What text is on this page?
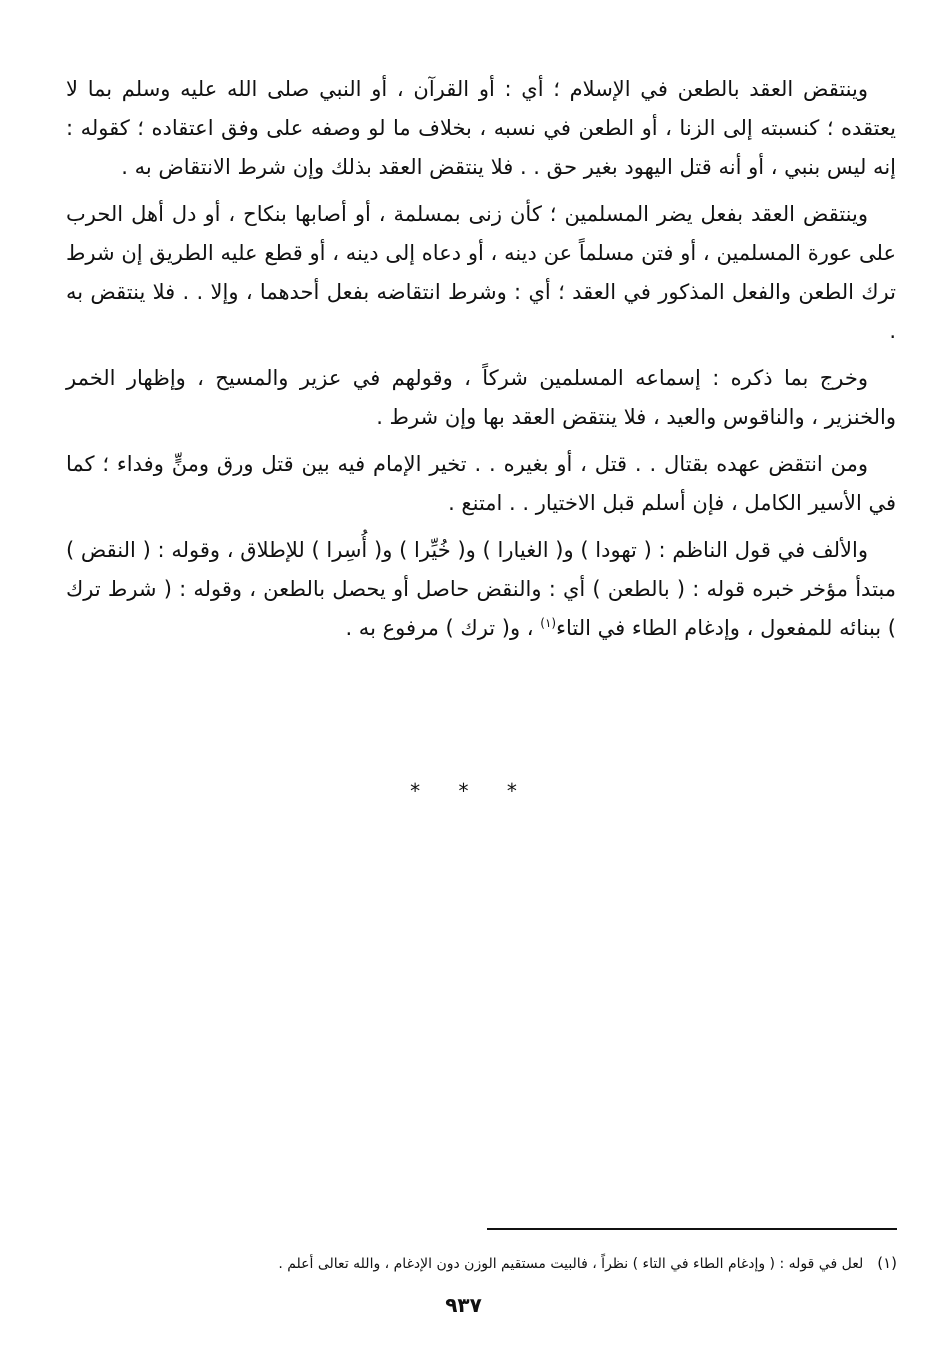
وينتقض العقد بالطعن في الإسلام ؛ أي : أو القرآن ، أو النبي صلى الله عليه وسلم بما لا يعتقده ؛ كنسبته إلى الزنا ، أو الطعن في نسبه ، بخلاف ما لو وصفه على وفق اعتقاده ؛ كقوله : إنه ليس بنبي ، أو أنه قتل اليهود بغير حق . . فلا ينتقض العقد بذلك وإن شرط الانتقاض به .

وينتقض العقد بفعل يضر المسلمين ؛ كأن زنى بمسلمة ، أو أصابها بنكاح ، أو دل أهل الحرب على عورة المسلمين ، أو فتن مسلماً عن دينه ، أو دعاه إلى دينه ، أو قطع عليه الطريق إن شرط ترك الطعن والفعل المذكور في العقد ؛ أي : وشرط انتقاضه بفعل أحدهما ، وإلا . . فلا ينتقض به .

وخرج بما ذكره : إسماعه المسلمين شركاً ، وقولهم في عزير والمسيح ، وإظهار الخمر والخنزير ، والناقوس والعيد ، فلا ينتقض العقد بها وإن شرط .

ومن انتقض عهده بقتال . . قتل ، أو بغيره . . تخير الإمام فيه بين قتل ورق ومنٍّ وفداء ؛ كما في الأسير الكامل ، فإن أسلم قبل الاختيار . . امتنع .

والألف في قول الناظم : ( تهودا ) و( الغيارا ) و( خُيِّرا ) و( أُسِرا ) للإطلاق ، وقوله : ( النقض ) مبتدأ مؤخر خبره قوله : ( بالطعن ) أي : والنقض حاصل أو يحصل بالطعن ، وقوله : ( شرط ترك ) ببنائه للمفعول ، وإدغام الطاء في التاء$^{(١)}$ ، و( ترك ) مرفوع به .

* * *
(١)لعل في قوله : ( وإدغام الطاء في التاء ) نظراً ، فالبيت مستقيم الوزن دون الإدغام ، والله تعالى أعلم .
٩٣٧
